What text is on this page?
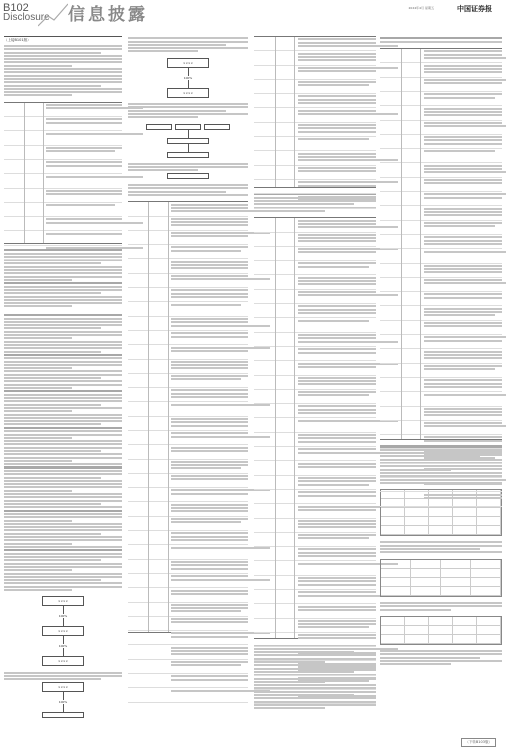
B102
Disclosure 信息披露	2024年4月 星期五	中国证券报
（上接B101版）
××××
100%
××××
100%
××××
××××
100%
××××
100%
××××
（下转B103版）
